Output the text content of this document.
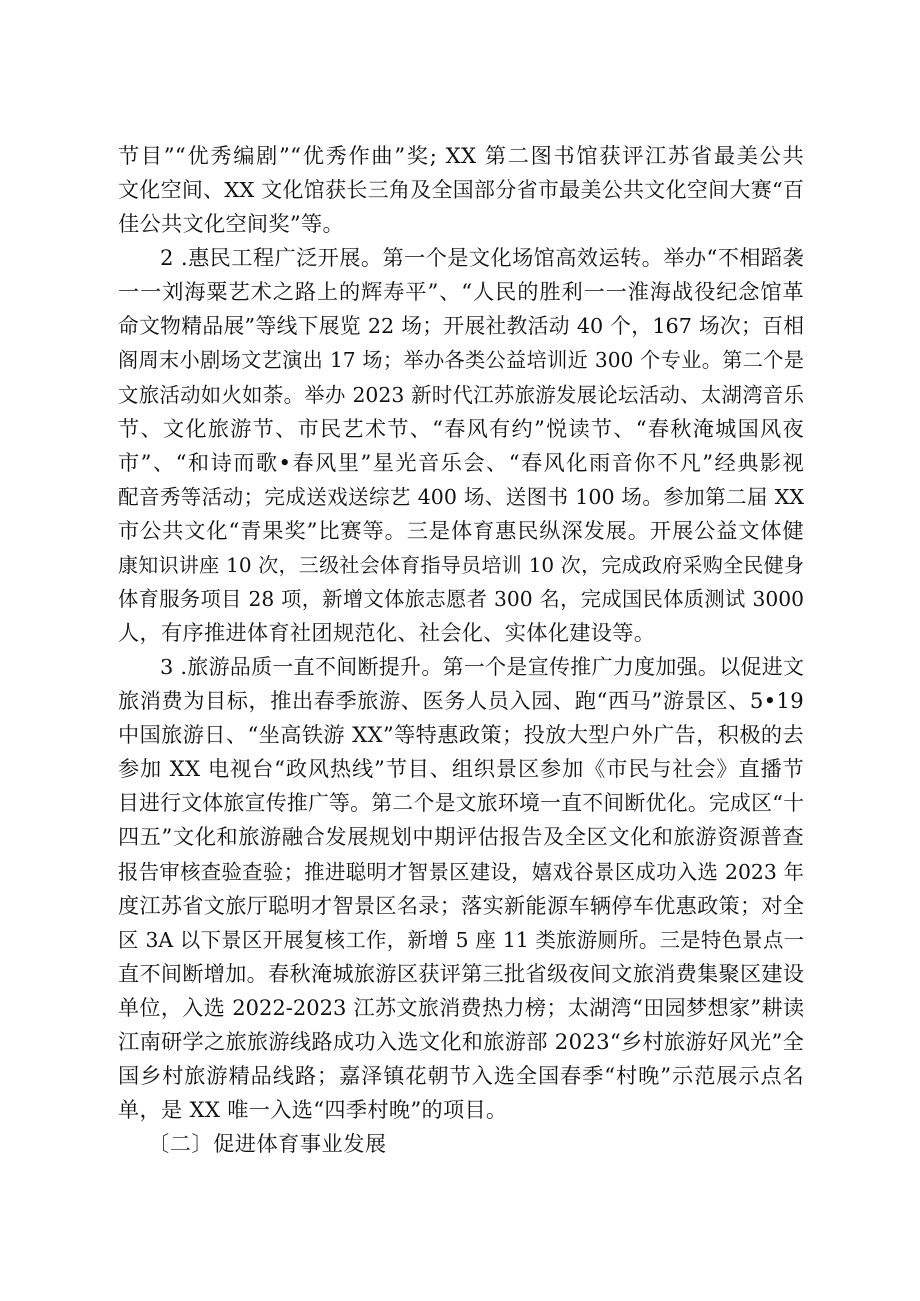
节目”“优秀编剧”“优秀作曲”奖; XX 第二图书馆获评江苏省最美公共

文化空间、XX 文化馆获长三角及全国部分省市最美公共文化空间大赛“百

佳公共文化空间奖”等。

2 .惠民工程广泛开展。第一个是文化场馆高效运转。举办“不相蹈袭

一一刘海粟艺术之路上的辉寿平”、“人民的胜利一一淮海战役纪念馆革

命文物精品展”等线下展览 22 场；开展社教活动 40 个，167 场次；百相

阁周末小剧场文艺演出 17 场；举办各类公益培训近 300 个专业。第二个是

文旅活动如火如荼。举办 2023 新时代江苏旅游发展论坛活动、太湖湾音乐

节、文化旅游节、市民艺术节、“春风有约”悦读节、“春秋淹城国风夜

市”、“和诗而歌•春风里”星光音乐会、“春风化雨音你不凡”经典影视

配音秀等活动；完成送戏送综艺 400 场、送图书 100 场。参加第二届 XX

市公共文化“青果奖”比赛等。三是体育惠民纵深发展。开展公益文体健

康知识讲座 10 次，三级社会体育指导员培训 10 次，完成政府采购全民健身

体育服务项目 28 项，新增文体旅志愿者 300 名，完成国民体质测试 3000

人，有序推进体育社团规范化、社会化、实体化建设等。

3 .旅游品质一直不间断提升。第一个是宣传推广力度加强。以促进文

旅消费为目标，推出春季旅游、医务人员入园、跑“西马”游景区、5•19

中国旅游日、“坐高铁游 XX”等特惠政策；投放大型户外广告，积极的去

参加 XX 电视台“政风热线”节目、组织景区参加《市民与社会》直播节

目进行文体旅宣传推广等。第二个是文旅环境一直不间断优化。完成区“十

四五”文化和旅游融合发展规划中期评估报告及全区文化和旅游资源普查

报告审核查验查验；推进聪明才智景区建设，嬉戏谷景区成功入选 2023 年

度江苏省文旅厅聪明才智景区名录；落实新能源车辆停车优惠政策；对全

区 3A 以下景区开展复核工作，新增 5 座 11 类旅游厕所。三是特色景点一

直不间断增加。春秋淹城旅游区获评第三批省级夜间文旅消费集聚区建设

单位，入选 2022-2023 江苏文旅消费热力榜；太湖湾“田园梦想家”耕读

江南研学之旅旅游线路成功入选文化和旅游部 2023“乡村旅游好风光”全

国乡村旅游精品线路；嘉泽镇花朝节入选全国春季“村晚”示范展示点名

单，是 XX 唯一入选“四季村晚”的项目。

〔二〕促进体育事业发展
